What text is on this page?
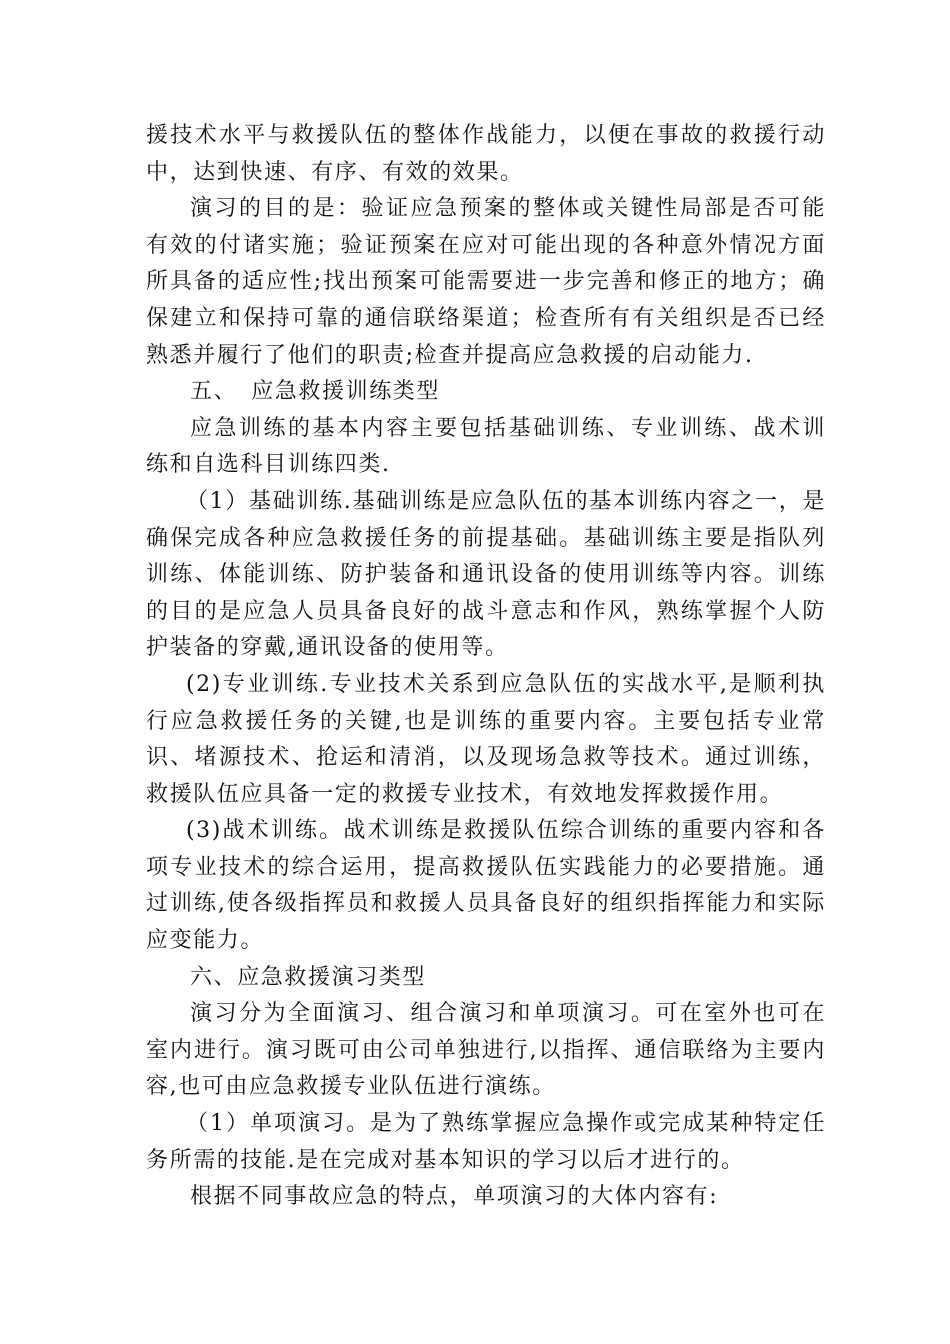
援技术水平与救援队伍的整体作战能力，以便在事故的救援行动中，达到快速、有序、有效的效果。

演习的目的是：验证应急预案的整体或关键性局部是否可能有效的付诸实施；验证预案在应对可能出现的各种意外情况方面所具备的适应性;找出预案可能需要进一步完善和修正的地方；确保建立和保持可靠的通信联络渠道；检查所有有关组织是否已经熟悉并履行了他们的职责;检查并提高应急救援的启动能力.

五、 应急救援训练类型

应急训练的基本内容主要包括基础训练、专业训练、战术训练和自选科目训练四类.

（1）基础训练.基础训练是应急队伍的基本训练内容之一，是确保完成各种应急救援任务的前提基础。基础训练主要是指队列训练、体能训练、防护装备和通讯设备的使用训练等内容。训练的目的是应急人员具备良好的战斗意志和作风，熟练掌握个人防护装备的穿戴,通讯设备的使用等。

(2)专业训练.专业技术关系到应急队伍的实战水平,是顺利执行应急救援任务的关键,也是训练的重要内容。主要包括专业常识、堵源技术、抢运和清消，以及现场急救等技术。通过训练，救援队伍应具备一定的救援专业技术，有效地发挥救援作用。

(3)战术训练。战术训练是救援队伍综合训练的重要内容和各项专业技术的综合运用，提高救援队伍实践能力的必要措施。通过训练,使各级指挥员和救援人员具备良好的组织指挥能力和实际应变能力。

六、应急救援演习类型

演习分为全面演习、组合演习和单项演习。可在室外也可在室内进行。演习既可由公司单独进行,以指挥、通信联络为主要内容,也可由应急救援专业队伍进行演练。

（1）单项演习。是为了熟练掌握应急操作或完成某种特定任务所需的技能.是在完成对基本知识的学习以后才进行的。

根据不同事故应急的特点，单项演习的大体内容有:
